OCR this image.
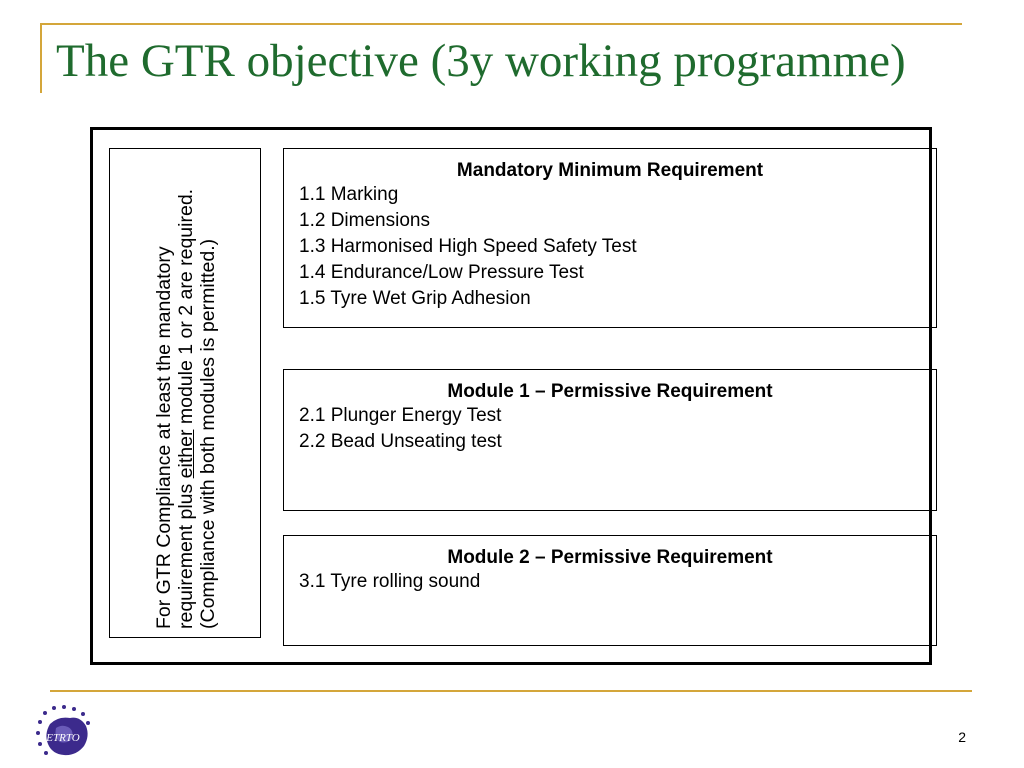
The GTR objective (3y working programme)
For GTR Compliance at least the mandatory requirement plus either module 1 or 2 are required. (Compliance with both modules is permitted.)
Mandatory Minimum Requirement
1.1 Marking
1.2 Dimensions
1.3 Harmonised High Speed Safety Test
1.4 Endurance/Low Pressure Test
1.5 Tyre Wet Grip Adhesion
Module 1 – Permissive Requirement
2.1 Plunger Energy Test
2.2 Bead Unseating test
Module 2 – Permissive Requirement
3.1 Tyre rolling sound
ETRTO	2
